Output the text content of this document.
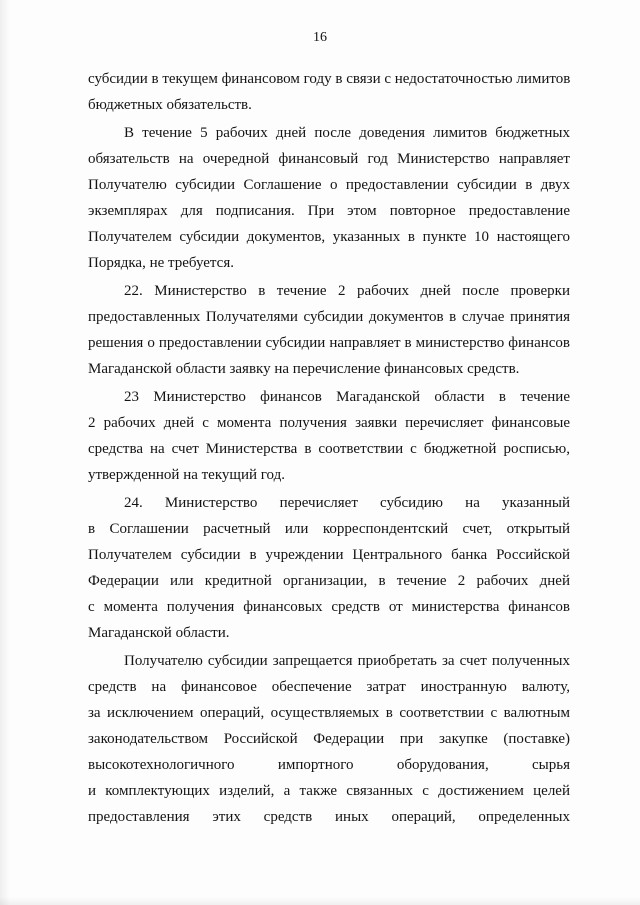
16
субсидии в текущем финансовом году в связи с недостаточностью лимитов
бюджетных обязательств.
В течение 5 рабочих дней после доведения лимитов бюджетных
обязательств на очередной финансовый год Министерство направляет
Получателю субсидии Соглашение о предоставлении субсидии в двух
экземплярах для подписания. При этом повторное предоставление
Получателем субсидии документов, указанных в пункте 10 настоящего
Порядка, не требуется.
22. Министерство в течение 2 рабочих дней после проверки
предоставленных Получателями субсидии документов в случае принятия
решения о предоставлении субсидии направляет в министерство финансов
Магаданской области заявку на перечисление финансовых средств.
23 Министерство финансов Магаданской области в течение
2 рабочих дней с момента получения заявки перечисляет финансовые
средства на счет Министерства в соответствии с бюджетной росписью,
утвержденной на текущий год.
24. Министерство перечисляет субсидию на указанный
в Соглашении расчетный или корреспондентский счет, открытый
Получателем субсидии в учреждении Центрального банка Российской
Федерации или кредитной организации, в течение 2 рабочих дней
с момента получения финансовых средств от министерства финансов
Магаданской области.
Получателю субсидии запрещается приобретать за счет полученных
средств на финансовое обеспечение затрат иностранную валюту,
за исключением операций, осуществляемых в соответствии с валютным
законодательством Российской Федерации при закупке (поставке)
высокотехнологичного импортного оборудования, сырья
и комплектующих изделий, а также связанных с достижением целей
предоставления этих средств иных операций, определенных
